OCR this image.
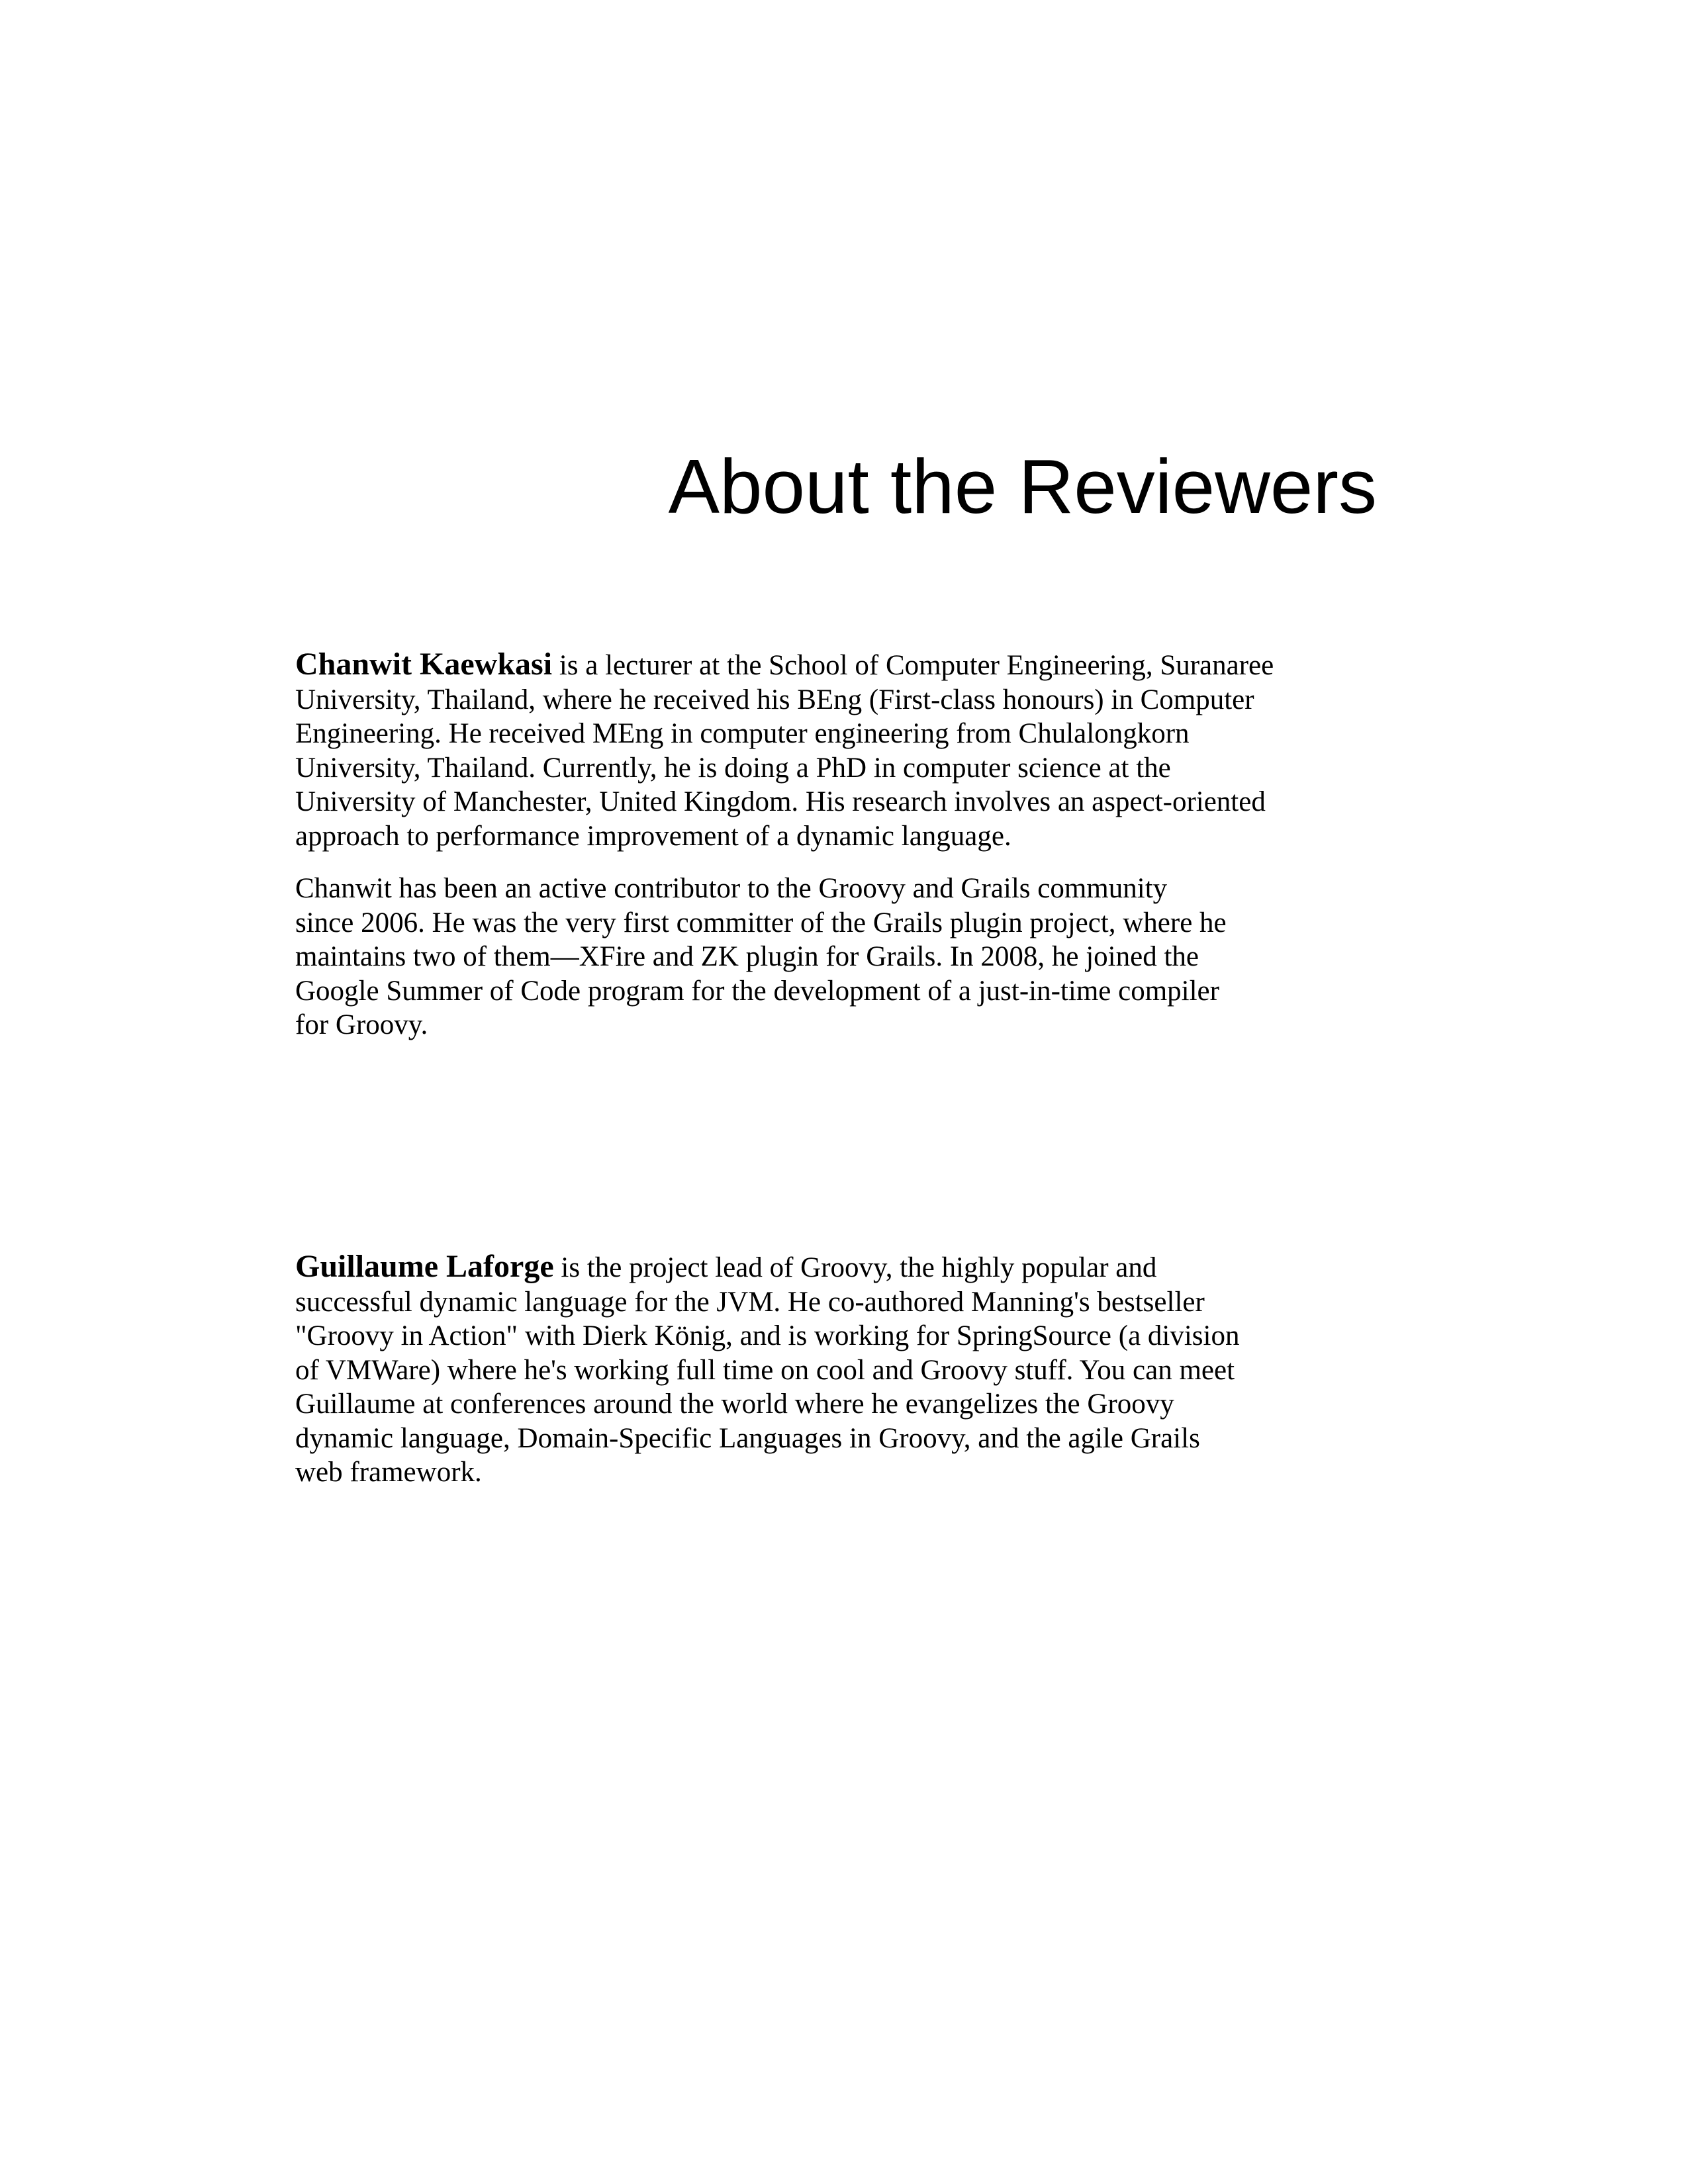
About the Reviewers

Chanwit Kaewkasi is a lecturer at the School of Computer Engineering, Suranaree
University, Thailand, where he received his BEng (First-class honours) in Computer
Engineering. He received MEng in computer engineering from Chulalongkorn
University, Thailand. Currently, he is doing a PhD in computer science at the
University of Manchester, United Kingdom. His research involves an aspect-oriented
approach to performance improvement of a dynamic language.

Chanwit has been an active contributor to the Groovy and Grails community
since 2006. He was the very first committer of the Grails plugin project, where he
maintains two of them—XFire and ZK plugin for Grails. In 2008, he joined the
Google Summer of Code program for the development of a just-in-time compiler
for Groovy.

Guillaume Laforge is the project lead of Groovy, the highly popular and
successful dynamic language for the JVM. He co-authored Manning's bestseller
"Groovy in Action" with Dierk König, and is working for SpringSource (a division
of VMWare) where he's working full time on cool and Groovy stuff. You can meet
Guillaume at conferences around the world where he evangelizes the Groovy
dynamic language, Domain-Specific Languages in Groovy, and the agile Grails
web framework.
